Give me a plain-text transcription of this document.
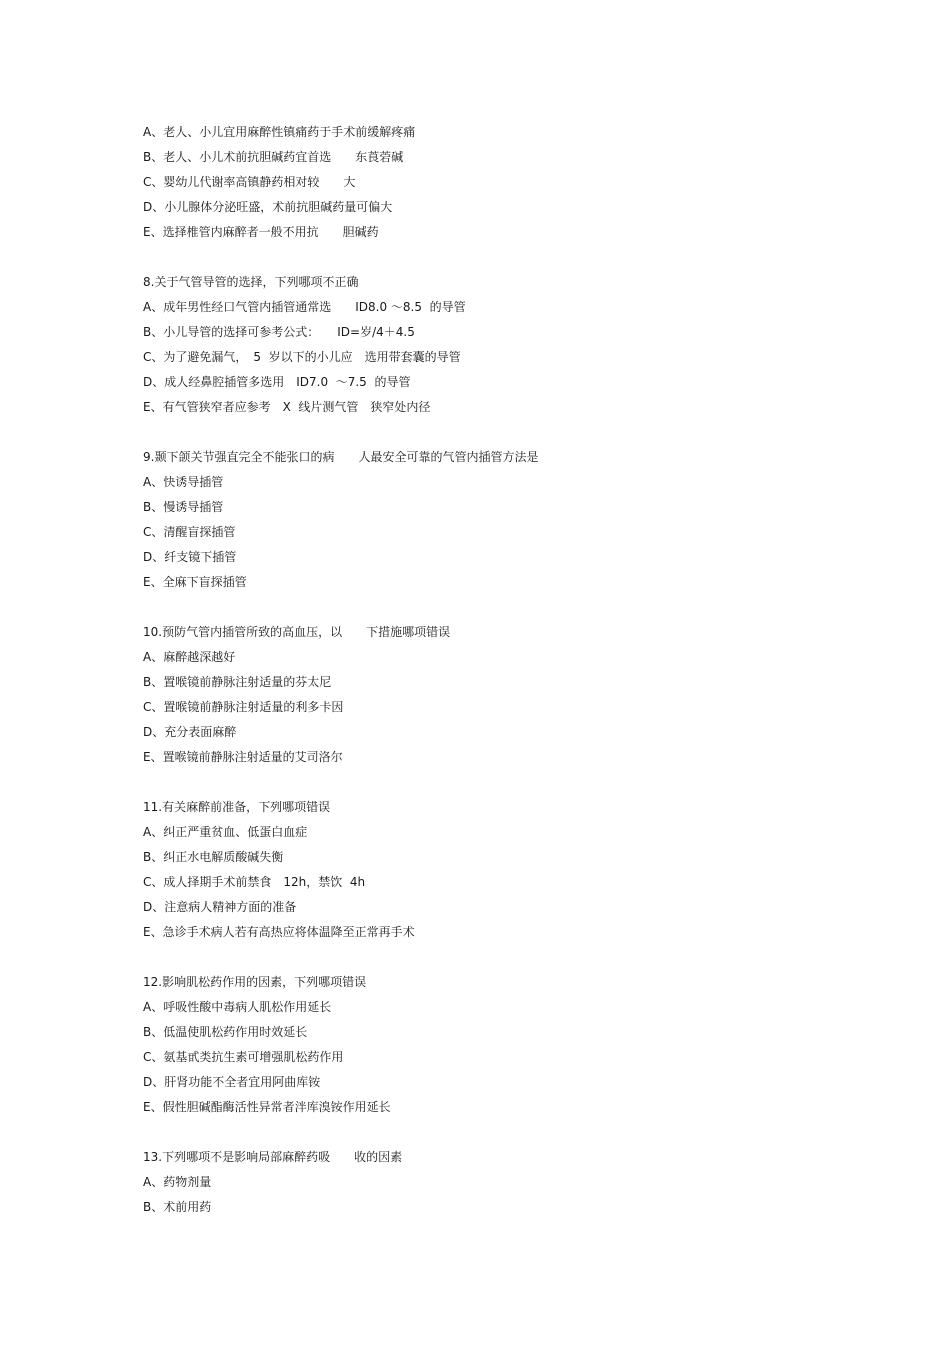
A、老人、小儿宜用麻醉性镇痛药于手术前缓解疼痛
B、老人、小儿术前抗胆碱药宜首选　　东莨菪碱
C、婴幼儿代谢率高镇静药相对较　　大
D、小儿腺体分泌旺盛，术前抗胆碱药量可偏大
E、选择椎管内麻醉者一般不用抗　　胆碱药
8.关于气管导管的选择，下列哪项不正确
A、成年男性经口气管内插管通常选　　ID8.0 ～8.5  的导管
B、小儿导管的选择可参考公式：　　ID=岁/4＋4.5
C、为了避免漏气，　5  岁以下的小儿应　选用带套囊的导管
D、成人经鼻腔插管多选用　ID7.0  ～7.5  的导管
E、有气管狭窄者应参考　X  线片测气管　狭窄处内径
9.颞下颌关节强直完全不能张口的病　　人最安全可靠的气管内插管方法是
A、快诱导插管
B、慢诱导插管
C、清醒盲探插管
D、纤支镜下插管
E、全麻下盲探插管
10.预防气管内插管所致的高血压，以　　下措施哪项错误
A、麻醉越深越好
B、置喉镜前静脉注射适量的芬太尼
C、置喉镜前静脉注射适量的利多卡因
D、充分表面麻醉
E、置喉镜前静脉注射适量的艾司洛尔
11.有关麻醉前准备，下列哪项错误
A、纠正严重贫血、低蛋白血症
B、纠正水电解质酸碱失衡
C、成人择期手术前禁食　12h，禁饮  4h
D、注意病人精神方面的准备
E、急诊手术病人若有高热应将体温降至正常再手术
12.影响肌松药作用的因素，下列哪项错误
A、呼吸性酸中毒病人肌松作用延长
B、低温使肌松药作用时效延长
C、氨基甙类抗生素可增强肌松药作用
D、肝肾功能不全者宜用阿曲库铵
E、假性胆碱酯酶活性异常者泮库溴铵作用延长
13.下列哪项不是影响局部麻醉药吸　　收的因素
A、药物剂量
B、术前用药
